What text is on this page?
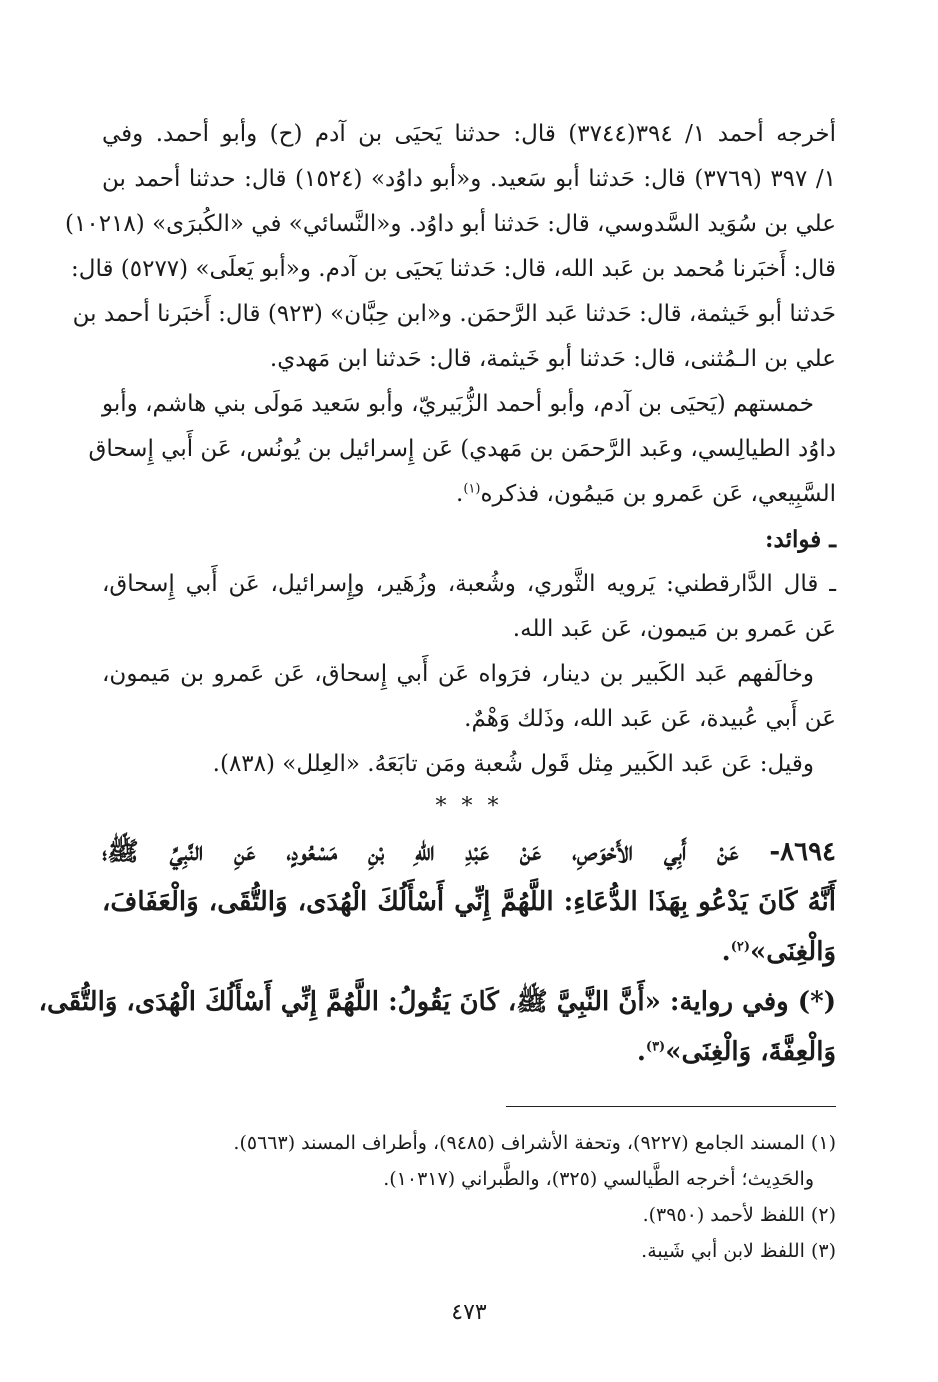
أخرجه أحمد ١/ ٣٩٤(٣٧٤٤) قال: حدثنا يَحيَى بن آدم (ح) وأبو أحمد. وفي
١/ ٣٩٧ (٣٧٦٩) قال: حَدثنا أبو سَعيد. و«أبو داوُد» (١٥٢٤) قال: حدثنا أحمد بن
علي بن سُوَيد السَّدوسي، قال: حَدثنا أبو داوُد. و«النَّسائي» في «الكُبرَى» (١٠٢١٨)
قال: أَخبَرنا مُحمد بن عَبد الله، قال: حَدثنا يَحيَى بن آدم. و«أبو يَعلَى» (٥٢٧٧) قال:
حَدثنا أبو خَيثمة، قال: حَدثنا عَبد الرَّحمَن. و«ابن حِبَّان» (٩٢٣) قال: أَخبَرنا أحمد بن
علي بن الـمُثنى، قال: حَدثنا أبو خَيثمة، قال: حَدثنا ابن مَهدي.
خمستهم (يَحيَى بن آدم، وأبو أحمد الزُّبَيريّ، وأبو سَعيد مَولَى بني هاشم، وأبو
داوُد الطيالِسي، وعَبد الرَّحمَن بن مَهدي) عَن إِسرائيل بن يُونُس، عَن أَبي إِسحاق
السَّبِيعي، عَن عَمرو بن مَيمُون، فذكره$^{(١)}$.
ـ فوائد:
ـ قال الدَّارقطني: يَرويه الثَّوري، وشُعبة، وزُهَير، وإِسرائيل، عَن أَبي إِسحاق،
عَن عَمرو بن مَيمون، عَن عَبد الله.
وخالَفهم عَبد الكَبير بن دينار، فرَواه عَن أَبي إِسحاق، عَن عَمرو بن مَيمون،
عَن أَبي عُبيدة، عَن عَبد الله، وذَلك وَهْمٌ.
وقيل: عَن عَبد الكَبير مِثل قَول شُعبة ومَن تابَعَهُ. «العِلل» (٨٣٨).
* * *
٨٦٩٤- عَنْ أَبِي الأَحْوَصِ، عَنْ عَبْدِ اللهِ بْنِ مَسْعُودٍ، عَنِ النَّبِيِّ ﷺ؛
أَنَّهُ كَانَ يَدْعُو بِهَذَا الدُّعَاءِ: اللَّهُمَّ إِنِّي أَسْأَلُكَ الْهُدَى، وَالتُّقَى، وَالْعَفَافَ،
وَالْغِنَى»$^{(٢)}$.
(*) وفي رواية: «أَنَّ النَّبِيَّ ﷺ، كَانَ يَقُولُ: اللَّهُمَّ إِنِّي أَسْأَلُكَ الْهُدَى، وَالتُّقَى،
وَالْعِفَّةَ، وَالْغِنَى»$^{(٣)}$.
(١) المسند الجامع (٩٢٢٧)، وتحفة الأشراف (٩٤٨٥)، وأطراف المسند (٥٦٦٣).
والحَدِيث؛ أخرجه الطَّيالسي (٣٢٥)، والطَّبراني (١٠٣١٧).
(٢) اللفظ لأحمد (٣٩٥٠).
(٣) اللفظ لابن أبي شَيبة.
٤٧٣
